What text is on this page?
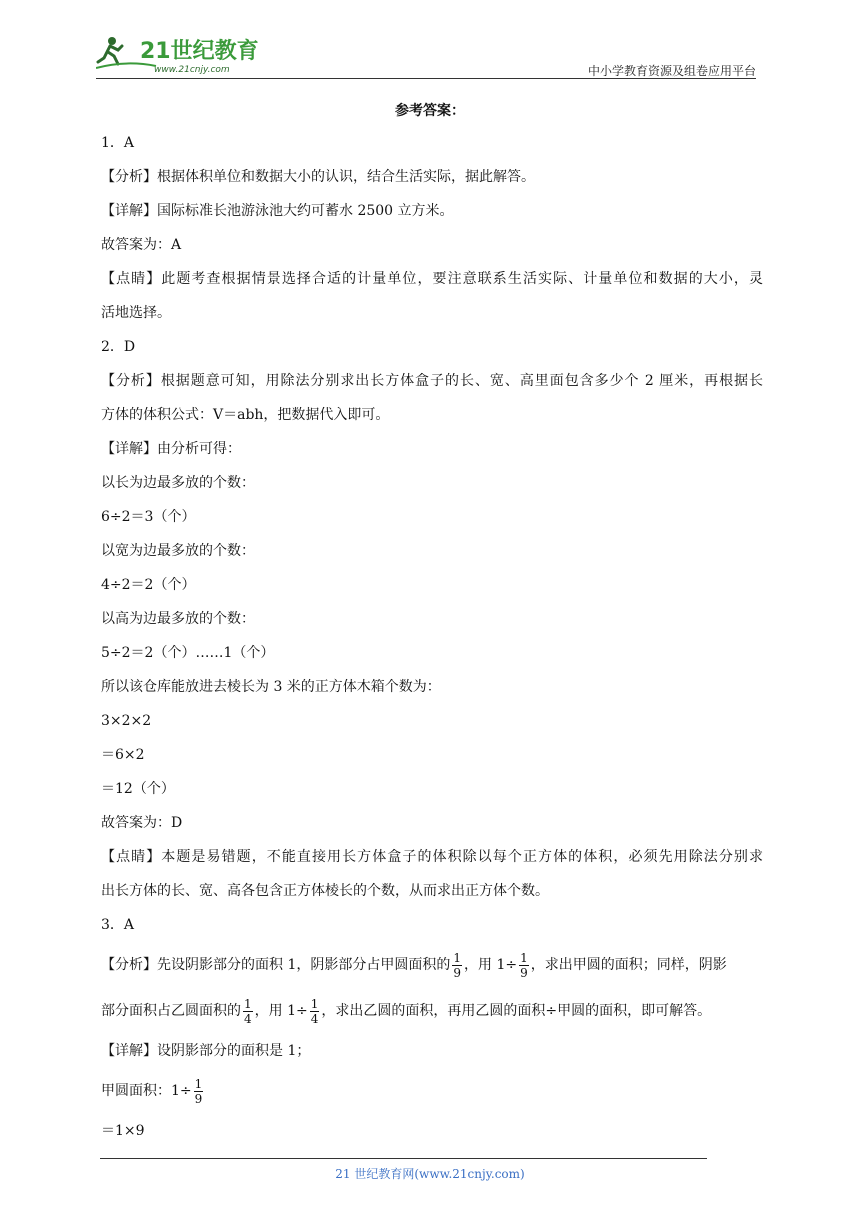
21世纪教育
www.21cnjy.com	中小学教育资源及组卷应用平台
参考答案：
1．A
【分析】根据体积单位和数据大小的认识，结合生活实际，据此解答。
【详解】国际标准长池游泳池大约可蓄水 2500 立方米。
故答案为：A
【点睛】此题考查根据情景选择合适的计量单位，要注意联系生活实际、计量单位和数据的大小，灵
活地选择。
2．D
【分析】根据题意可知，用除法分别求出长方体盒子的长、宽、高里面包含多少个 2 厘米，再根据长
方体的体积公式：V＝abh，把数据代入即可。
【详解】由分析可得：
以长为边最多放的个数：
6÷2＝3（个）
以宽为边最多放的个数：
4÷2＝2（个）
以高为边最多放的个数：
5÷2＝2（个）……1（个）
所以该仓库能放进去棱长为 3 米的正方体木箱个数为：
3×2×2
＝6×2
＝12（个）
故答案为：D
【点睛】本题是易错题，不能直接用长方体盒子的体积除以每个正方体的体积，必须先用除法分别求
出长方体的长、宽、高各包含正方体棱长的个数，从而求出正方体个数。
3．A
【分析】先设阴影部分的面积 1，阴影部分占甲圆面积的 $\frac{1}{9}$ ，用 $1\div \frac{1}{9}$ ，求出甲圆的面积；同样，阴影
部分面积占乙圆面积的 $\frac{1}{4}$ ，用 $1\div \frac{1}{4}$ ，求出乙圆的面积，再用乙圆的面积÷甲圆的面积，即可解答。
【详解】设阴影部分的面积是 1；
甲圆面积：$1\div \frac{1}{9}$
＝1×9
21 世纪教育网(www.21cnjy.com)
